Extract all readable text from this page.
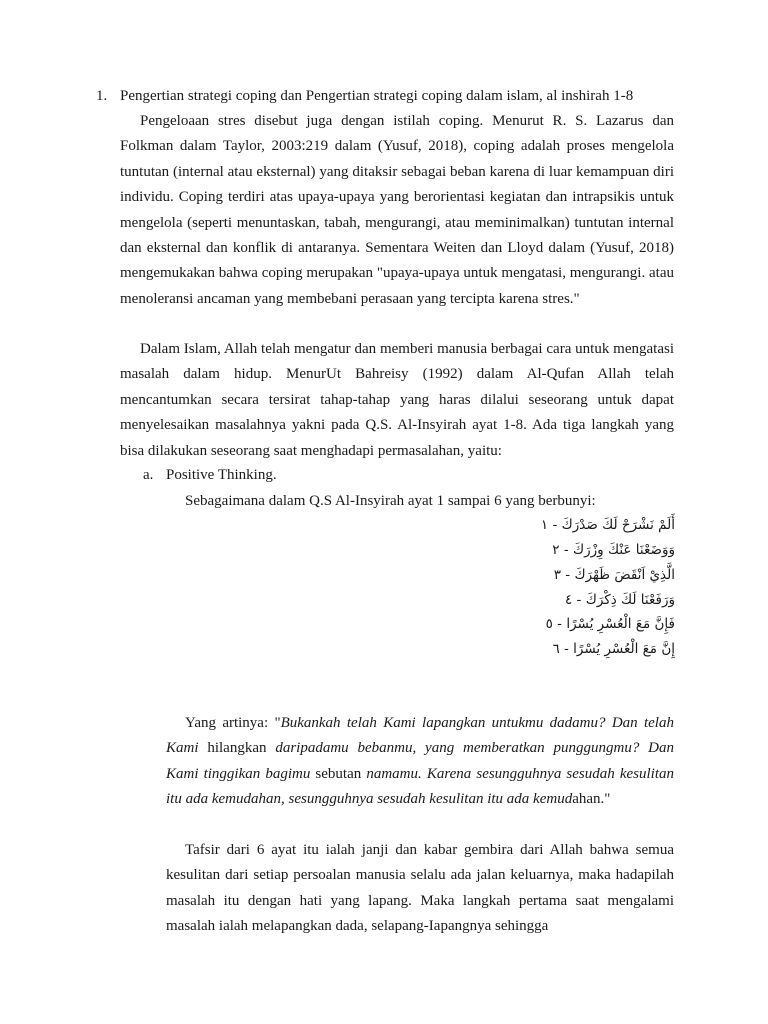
1. Pengertian strategi coping dan Pengertian strategi coping dalam islam, al inshirah 1-8
Pengeloaan stres disebut juga dengan istilah coping. Menurut R. S. Lazarus dan Folkman dalam Taylor, 2003:219 dalam (Yusuf, 2018), coping adalah proses mengelola tuntutan (internal atau eksternal) yang ditaksir sebagai beban karena di luar kemampuan diri individu. Coping terdiri atas upaya-upaya yang berorientasi kegiatan dan intrapsikis untuk mengelola (seperti menuntaskan, tabah, mengurangi, atau meminimalkan) tuntutan internal dan eksternal dan konflik di antaranya. Sementara Weiten dan Lloyd dalam (Yusuf, 2018) mengemukakan bahwa coping merupakan "upaya-upaya untuk mengatasi, mengurangi. atau menoleransi ancaman yang membebani perasaan yang tercipta karena stres."
Dalam Islam, Allah telah mengatur dan memberi manusia berbagai cara untuk mengatasi masalah dalam hidup. MenurUt Bahreisy (1992) dalam Al-Qufan Allah telah mencantumkan secara tersirat tahap-tahap yang haras dilalui seseorang untuk dapat menyelesaikan masalahnya yakni pada Q.S. Al-Insyirah ayat 1-8. Ada tiga langkah yang bisa dilakukan seseorang saat menghadapi permasalahan, yaitu:
a. Positive Thinking.
Sebagaimana dalam Q.S Al-Insyirah ayat 1 sampai 6 yang berbunyi:
أَلَمْ نَشْرَحْ لَكَ صَدْرَكَ ‎- ١
وَوَضَعْنَا عَنْكَ وِزْرَكَ ‎- ٢
الَّذِيْ اَنْقَضَ ظَهْرَكَ ‎- ٣
وَرَفَعْنَا لَكَ ذِكْرَكَ ‎- ٤
فَإِنَّ مَعَ الْعُسْرِ يُسْرًا ‎- ٥
إِنَّ مَعَ الْعُسْرِ يُسْرًا ‎- ٦
Yang artinya: "Bukankah telah Kami lapangkan untukmu dadamu? Dan telah Kami hilangkan daripadamu bebanmu, yang memberatkan punggungmu? Dan Kami tinggikan bagimu sebutan namamu. Karena sesungguhnya sesudah kesulitan itu ada kemudahan, sesungguhnya sesudah kesulitan itu ada kemudahan."
Tafsir dari 6 ayat itu ialah janji dan kabar gembira dari Allah bahwa semua kesulitan dari setiap persoalan manusia selalu ada jalan keluarnya, maka hadapilah masalah itu dengan hati yang lapang. Maka langkah pertama saat mengalami masalah ialah melapangkan dada, selapang-Iapangnya sehingga
